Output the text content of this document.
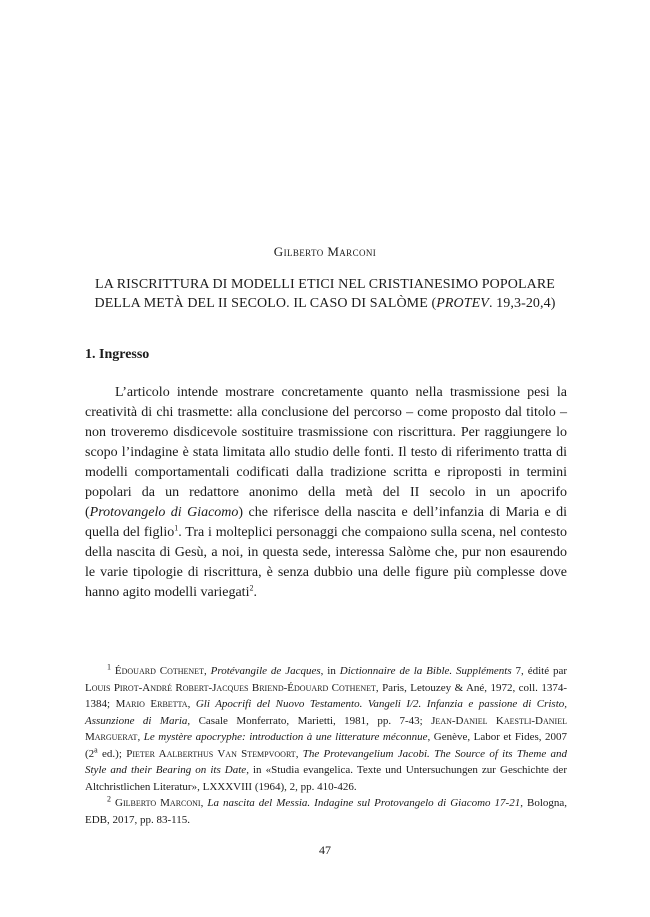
Gilberto Marconi
LA RISCRITTURA DI MODELLI ETICI NEL CRISTIANESIMO POPOLARE
DELLA METÀ DEL II SECOLO. IL CASO DI SALÒME (PROTEV. 19,3-20,4)
1. Ingresso

L’articolo intende mostrare concretamente quanto nella trasmissione pesi la creatività di chi trasmette: alla conclusione del percorso – come proposto dal titolo – non troveremo disdicevole sostituire trasmissione con riscrittura. Per raggiungere lo scopo l’indagine è stata limitata allo studio delle fonti. Il testo di riferimento tratta di modelli comportamentali codificati dalla tradizione scritta e riproposti in termini popolari da un redattore anonimo della metà del II secolo in un apocrifo (Protovangelo di Giacomo) che riferisce della nascita e dell’infanzia di Maria e di quella del figlio$^1$. Tra i molteplici personaggi che compaiono sulla scena, nel contesto della nascita di Gesù, a noi, in questa sede, interessa Salòme che, pur non esaurendo le varie tipologie di riscrittura, è senza dubbio una delle figure più complesse dove hanno agito modelli variegati$^2$.

$^1$ Édouard Cothenet, Protévangile de Jacques, in Dictionnaire de la Bible. Suppléments 7, édité par Louis Pirot-André Robert-Jacques Briend-Édouard Cothenet, Paris, Letouzey & Ané, 1972, coll. 1374-1384; Mario Erbetta, Gli Apocrifi del Nuovo Testamento. Vangeli I/2. Infanzia e passione di Cristo, Assunzione di Maria, Casale Monferrato, Marietti, 1981, pp. 7-43; Jean-Daniel Kaestli-Daniel Marguerat, Le mystère apocryphe: introduction à une litterature méconnue, Genève, Labor et Fides, 2007 (2$^a$ ed.); Pieter Aalberthus Van Stempvoort, The Protevangelium Jacobi. The Source of its Theme and Style and their Bearing on its Date, in «Studia evangelica. Texte und Untersuchungen zur Geschichte der Altchristlichen Literatur», LXXXVIII (1964), 2, pp. 410-426.

$^2$ Gilberto Marconi, La nascita del Messia. Indagine sul Protovangelo di Giacomo 17-21, Bologna, EDB, 2017, pp. 83-115.

47
